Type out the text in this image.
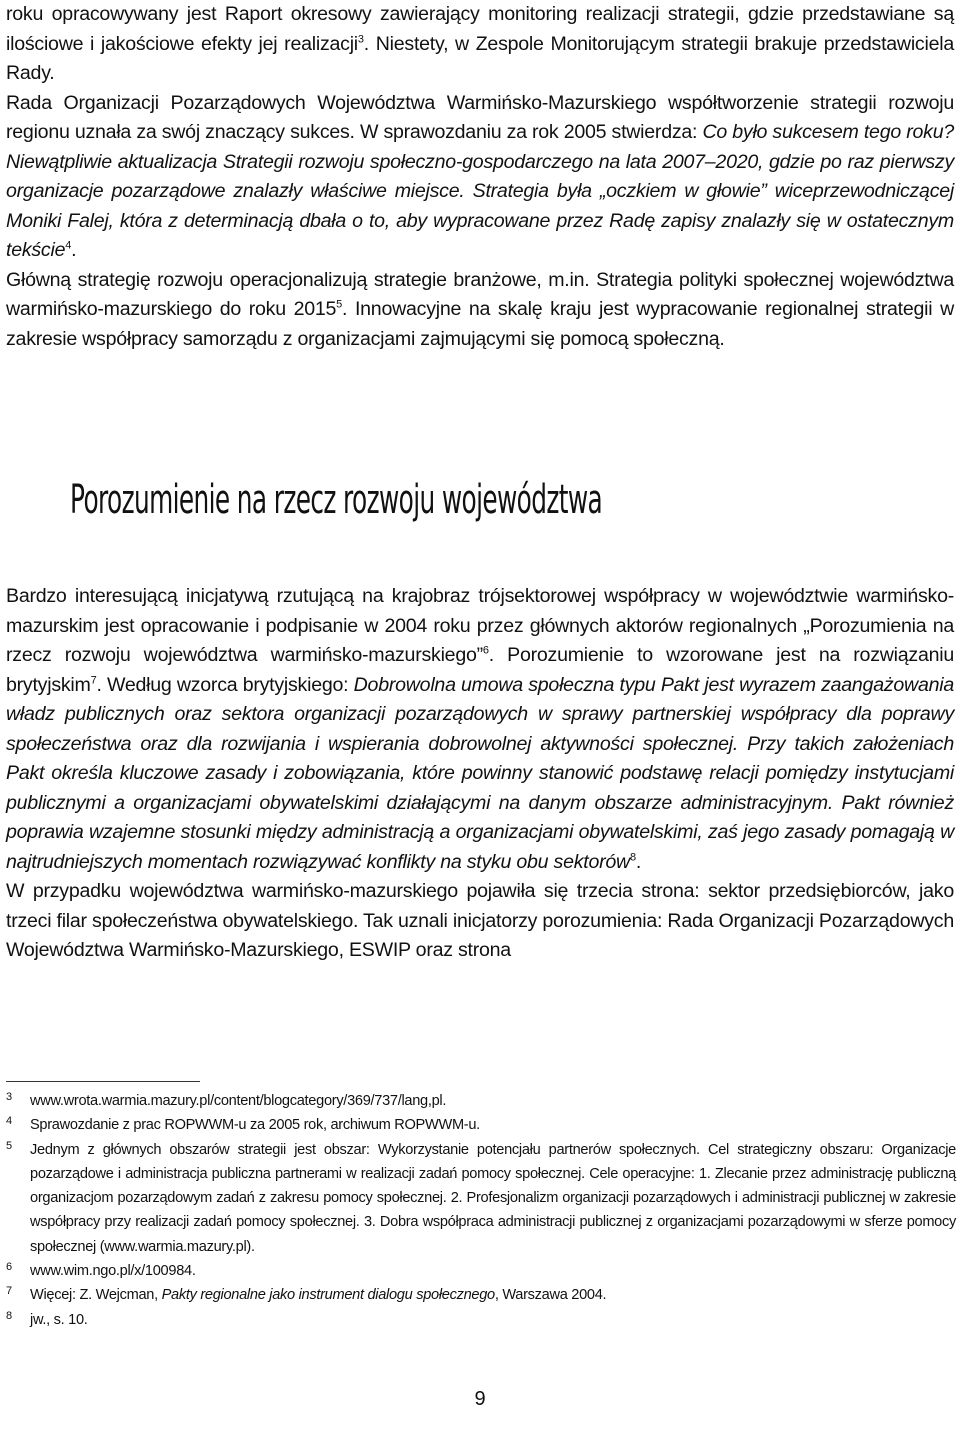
roku opracowywany jest Raport okresowy zawierający monitoring realizacji strategii, gdzie przedstawiane są ilościowe i jakościowe efekty jej realizacji$^3$. Niestety, w Zespole Monitorującym strategii brakuje przedstawiciela Rady.

Rada Organizacji Pozarządowych Województwa Warmińsko-Mazurskiego współtworzenie strategii rozwoju regionu uznała za swój znaczący sukces. W sprawozdaniu za rok 2005 stwierdza: Co było sukcesem tego roku? Niewątpliwie aktualizacja Strategii rozwoju społeczno-gospodarczego na lata 2007–2020, gdzie po raz pierwszy organizacje pozarządowe znalazły właściwe miejsce. Strategia była „oczkiem w głowie” wiceprzewodniczącej Moniki Falej, która z determinacją dbała o to, aby wypracowane przez Radę zapisy znalazły się w ostatecznym tekście$^4$.

Główną strategię rozwoju operacjonalizują strategie branżowe, m.in. Strategia polityki społecznej województwa warmińsko-mazurskiego do roku 2015$^5$. Innowacyjne na skalę kraju jest wypracowanie regionalnej strategii w zakresie współpracy samorządu z organizacjami zajmującymi się pomocą społeczną.

Porozumienie na rzecz rozwoju województwa

Bardzo interesującą inicjatywą rzutującą na krajobraz trójsektorowej współpracy w województwie warmińsko-mazurskim jest opracowanie i podpisanie w 2004 roku przez głównych aktorów regionalnych „Porozumienia na rzecz rozwoju województwa warmińsko-mazurskiego”$^6$. Porozumienie to wzorowane jest na rozwiązaniu brytyjskim$^7$. Według wzorca brytyjskiego: Dobrowolna umowa społeczna typu Pakt jest wyrazem zaangażowania władz publicznych oraz sektora organizacji pozarządowych w sprawy partnerskiej współpracy dla poprawy społeczeństwa oraz dla rozwijania i wspierania dobrowolnej aktywności społecznej. Przy takich założeniach Pakt określa kluczowe zasady i zobowiązania, które powinny stanowić podstawę relacji pomiędzy instytucjami publicznymi a organizacjami obywatelskimi działającymi na danym obszarze administracyjnym. Pakt również poprawia wzajemne stosunki między administracją a organizacjami obywatelskimi, zaś jego zasady pomagają w najtrudniejszych momentach rozwiązywać konflikty na styku obu sektorów$^8$.

W przypadku województwa warmińsko-mazurskiego pojawiła się trzecia strona: sektor przedsiębiorców, jako trzeci filar społeczeństwa obywatelskiego. Tak uznali inicjatorzy porozumienia: Rada Organizacji Pozarządowych Województwa Warmińsko-Mazurskiego, ESWIP oraz strona

3 www.wrota.warmia.mazury.pl/content/blogcategory/369/737/lang,pl.
4 Sprawozdanie z prac ROPWWM-u za 2005 rok, archiwum ROPWWM-u.
5 Jednym z głównych obszarów strategii jest obszar: Wykorzystanie potencjału partnerów społecznych. Cel strategiczny obszaru: Organizacje pozarządowe i administracja publiczna partnerami w realizacji zadań pomocy społecznej. Cele operacyjne: 1. Zlecanie przez administrację publiczną organizacjom pozarządowym zadań z zakresu pomocy społecznej. 2. Profesjonalizm organizacji pozarządowych i administracji publicznej w zakresie współpracy przy realizacji zadań pomocy społecznej. 3. Dobra współpraca administracji publicznej z organizacjami pozarządowymi w sferze pomocy społecznej (www.warmia.mazury.pl).
6 www.wim.ngo.pl/x/100984.
7 Więcej: Z. Wejcman, Pakty regionalne jako instrument dialogu społecznego, Warszawa 2004.
8 jw., s. 10.
9
